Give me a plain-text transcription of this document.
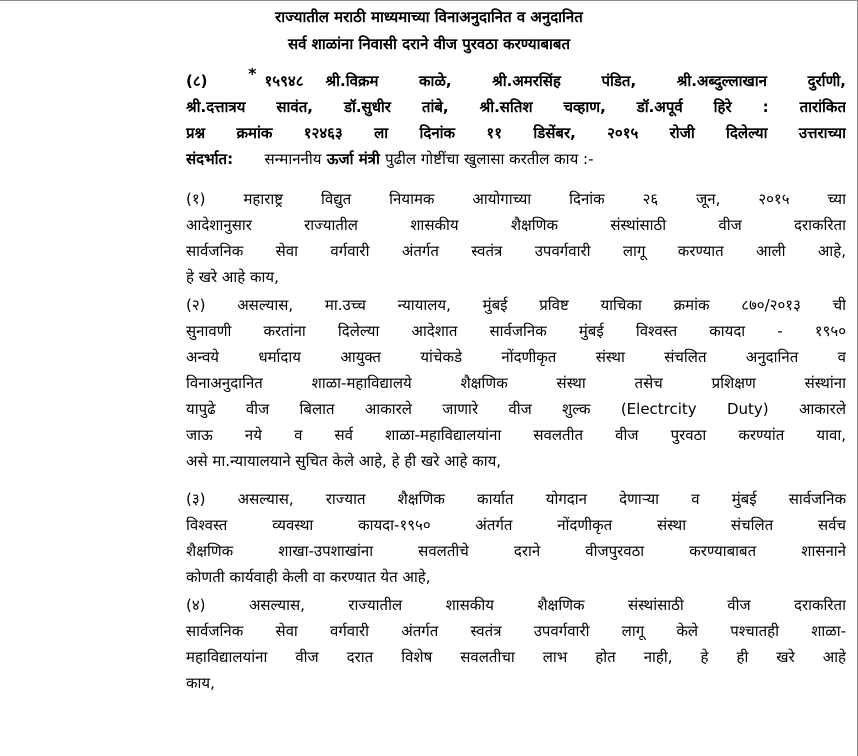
राज्यातील मराठी माध्यमाच्या विनाअनुदानित व अनुदानित
सर्व शाळांना निवासी दराने वीज पुरवठा करण्याबाबत
(८)	* १५९४८ श्री.विक्रम काळे, श्री.अमरसिंह पंडित, श्री.अब्दुल्लाखान दुर्राणी,
श्री.दत्तात्रय सावंत, डॉ.सुधीर तांबे, श्री.सतिश चव्हाण, डॉ.अपूर्व हिरे : तारांकित
प्रश्न क्रमांक १२४६३ ला दिनांक ११ डिसेंबर, २०१५ रोजी दिलेल्या उत्तराच्या
संदर्भात: सन्माननीय ऊर्जा मंत्री पुढील गोष्टींचा खुलासा करतील काय :-
(१) महाराष्ट्र विद्युत नियामक आयोगाच्या दिनांक २६ जून, २०१५ च्या
आदेशानुसार राज्यातील शासकीय शैक्षणिक संस्थांसाठी वीज दराकरिता
सार्वजनिक सेवा वर्गवारी अंतर्गत स्वतंत्र उपवर्गवारी लागू करण्यात आली आहे,
हे खरे आहे काय,
(२) असल्यास, मा.उच्च न्यायालय, मुंबई प्रविष्ट याचिका क्रमांक ८७०/२०१३ ची
सुनावणी करतांना दिलेल्या आदेशात सार्वजनिक मुंबई विश्वस्त कायदा - १९५०
अन्वये धर्मादाय आयुक्त यांचेकडे नोंदणीकृत संस्था संचलित अनुदानित व
विनाअनुदानित शाळा-महाविद्यालये शैक्षणिक संस्था तसेच प्रशिक्षण संस्थांना
यापुढे वीज बिलात आकारले जाणारे वीज शुल्क (Electrcity Duty) आकारले
जाऊ नये व सर्व शाळा-महाविद्यालयांना सवलतीत वीज पुरवठा करण्यांत यावा,
असे मा.न्यायालयाने सुचित केले आहे, हे ही खरे आहे काय,
(३) असल्यास, राज्यात शैक्षणिक कार्यात योगदान देणाऱ्या व मुंबई सार्वजनिक
विश्वस्त व्यवस्था कायदा-१९५० अंतर्गत नोंदणीकृत संस्था संचलित सर्वच
शैक्षणिक शाखा-उपशाखांना सवलतीचे दराने वीजपुरवठा करण्याबाबत शासनाने
कोणती कार्यवाही केली वा करण्यात येत आहे,
(४) असल्यास, राज्यातील शासकीय शैक्षणिक संस्थांसाठी वीज दराकरिता
सार्वजनिक सेवा वर्गवारी अंतर्गत स्वतंत्र उपवर्गवारी लागू केले पश्चातही शाळा-
महाविद्यालयांना वीज दरात विशेष सवलतीचा लाभ होत नाही, हे ही खरे आहे
काय,
